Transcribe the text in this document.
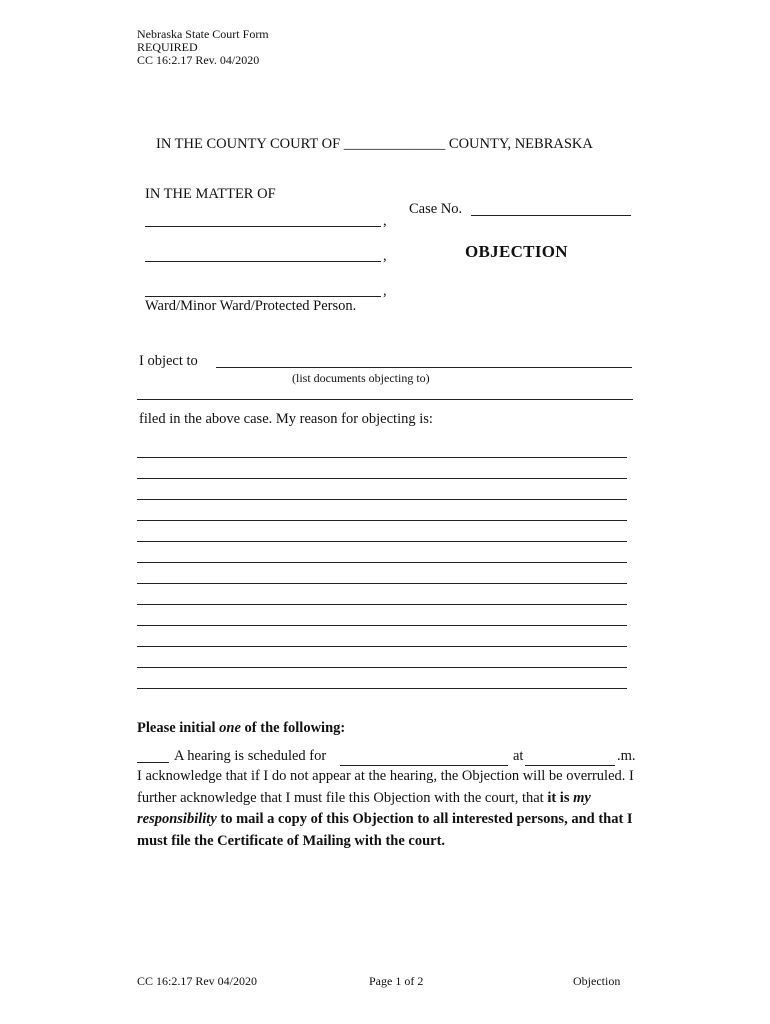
Nebraska State Court Form
REQUIRED
CC 16:2.17 Rev. 04/2020
IN THE COUNTY COURT OF ______________ COUNTY, NEBRASKA
IN THE MATTER OF
,
,
,
Ward/Minor Ward/Protected Person.
Case No.
OBJECTION
I object to
(list documents objecting to)
filed in the above case. My reason for objecting is:
Please initial one of the following:
A hearing is scheduled for	at	.m.
I acknowledge that if I do not appear at the hearing, the Objection will be overruled. I further acknowledge that I must file this Objection with the court, that it is my responsibility to mail a copy of this Objection to all interested persons, and that I must file the Certificate of Mailing with the court.
CC 16:2.17 Rev 04/2020	Page 1 of 2	Objection
